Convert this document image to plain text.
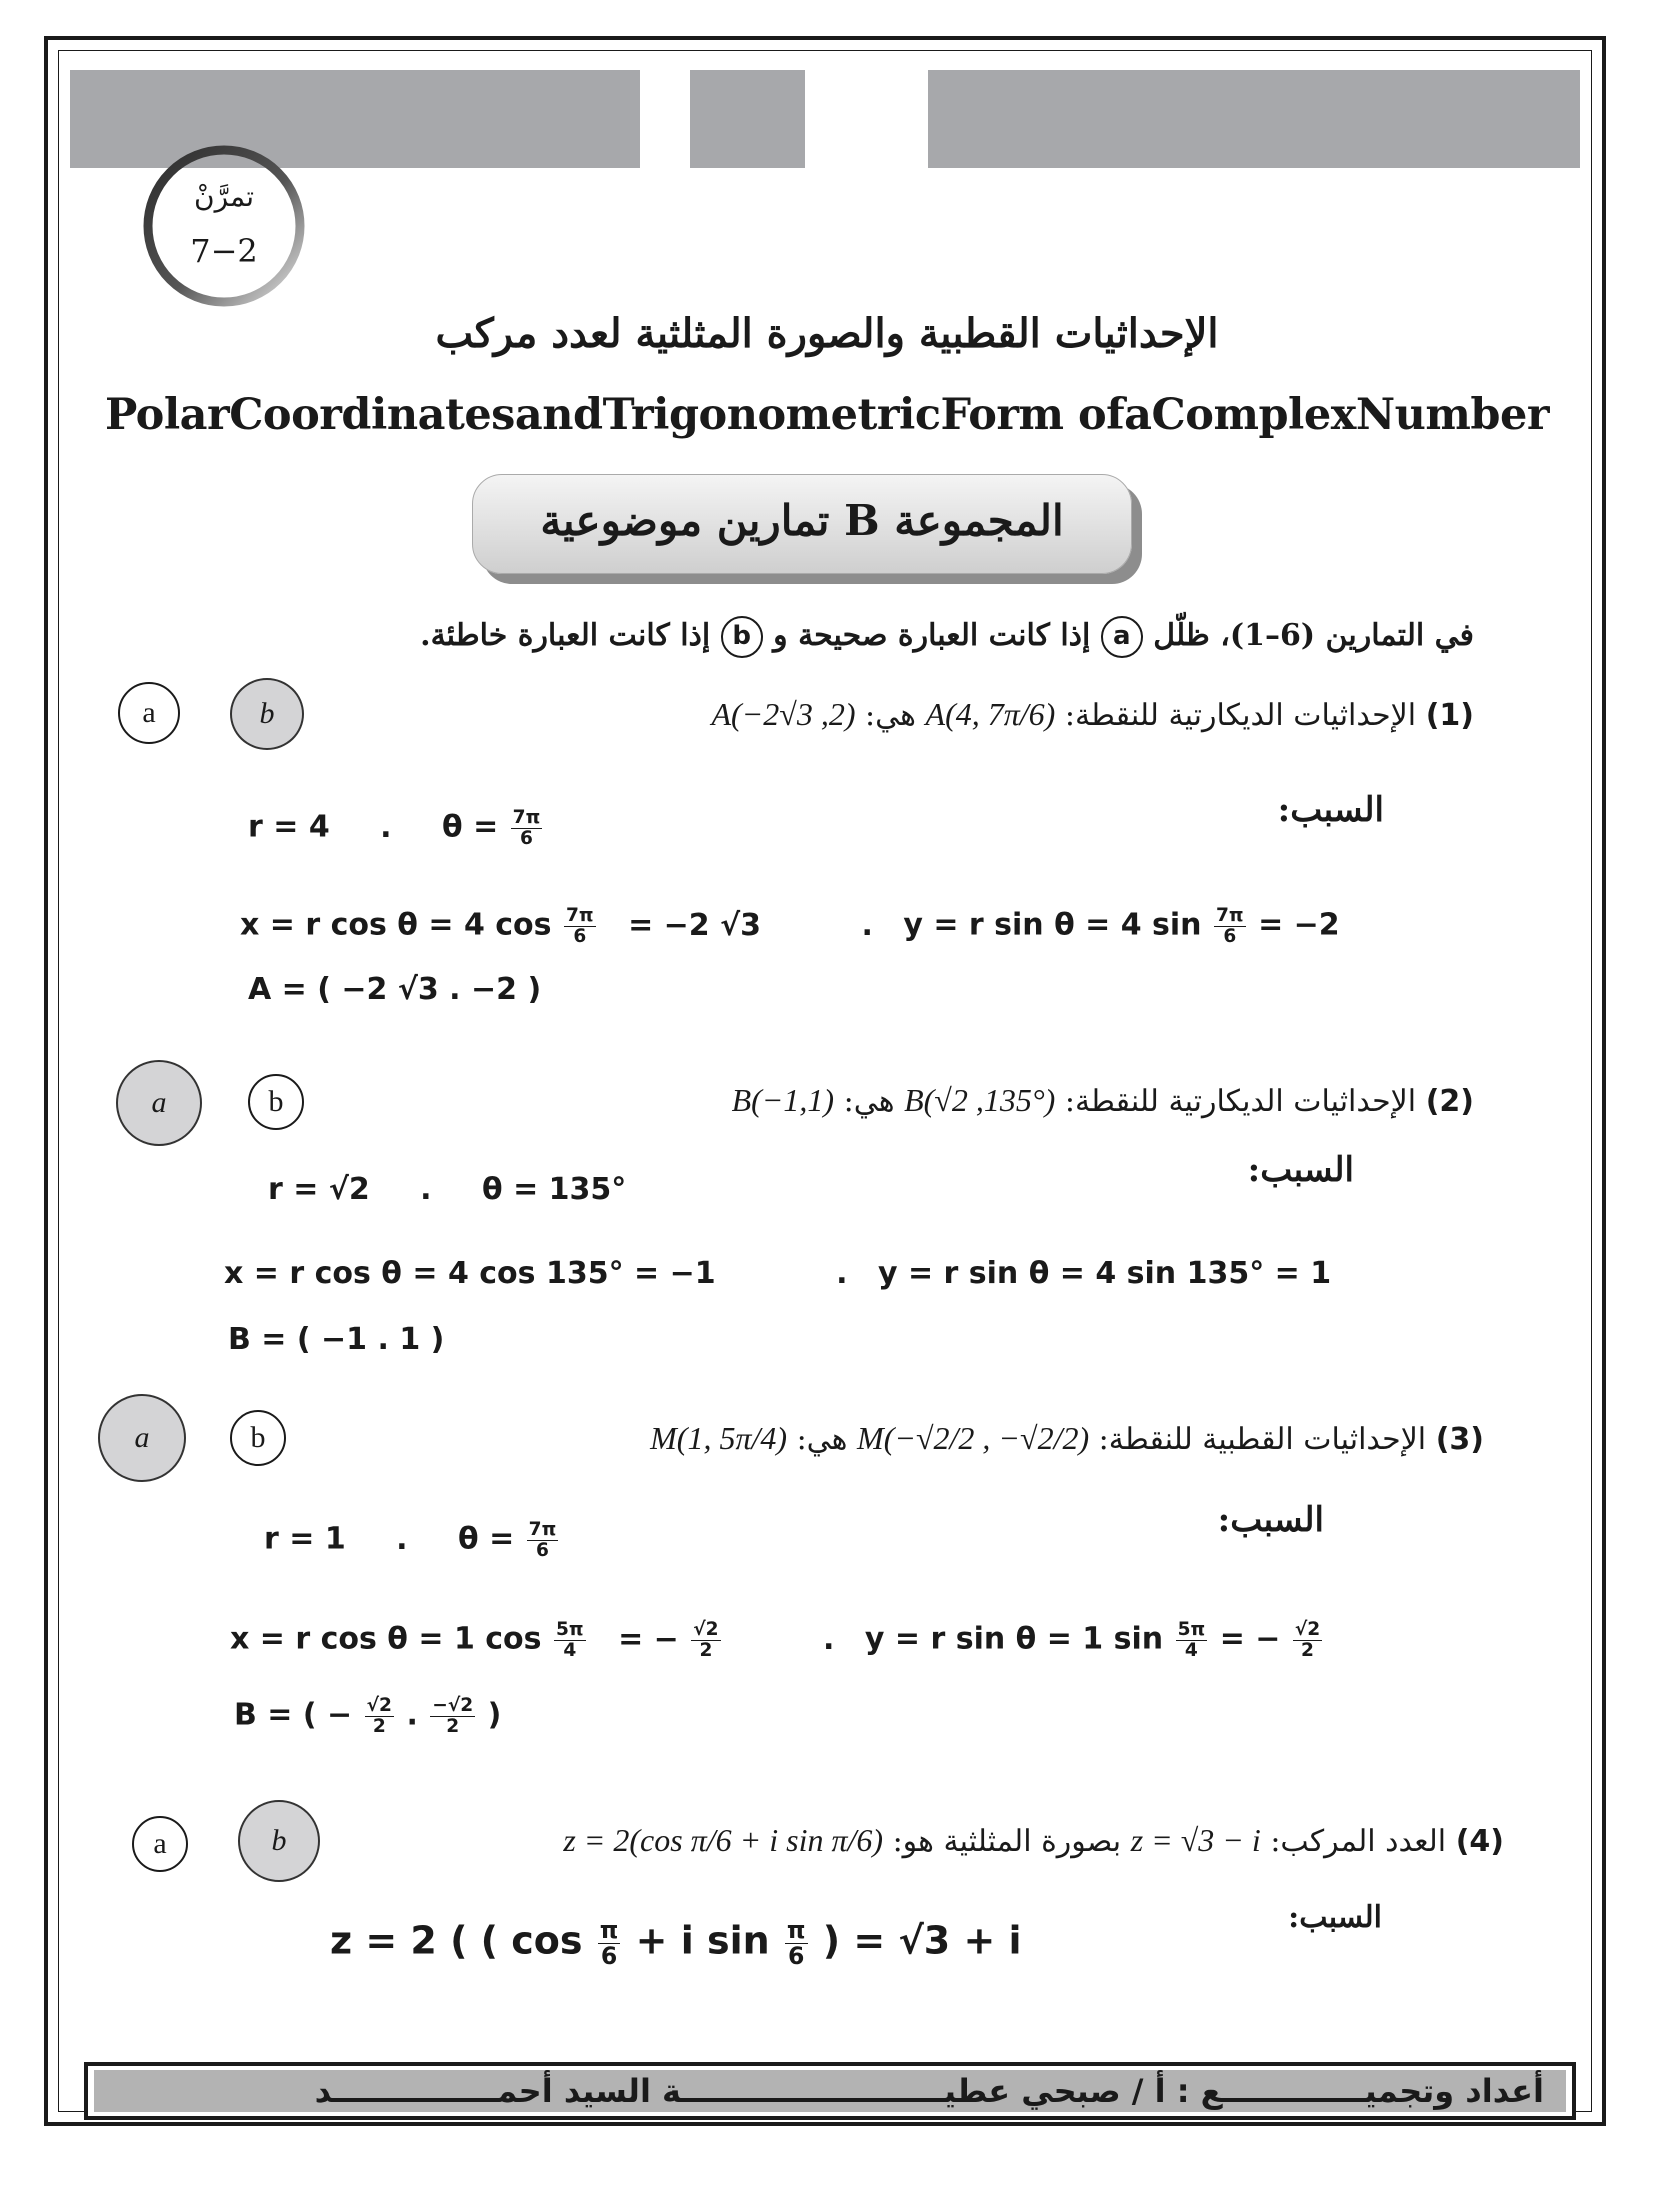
تمرَّنْ
7−2
الإحداثيات القطبية والصورة المثلثية لعدد مركب
PolarCoordinatesandTrigonometricForm ofaComplexNumber
المجموعة B تمارين موضوعية
في التمارين (6–1)، ظلّل a إذا كانت العبارة صحيحة و b إذا كانت العبارة خاطئة.
a	b	(1) الإحداثيات الديكارتية للنقطة: A(4, 7π/6) هي: A(−2√3 ,2)
السبب:
r = 4 . $\theta = \frac{7\pi}{6}$
x = r cos θ = 4 $\cos \frac{7\pi}{6} = -2$ √3	. y = r sin θ = 4 $\sin \frac{7\pi}{6} = -2$
A = ( −2 √3 . −2 )
a	b	(2) الإحداثيات الديكارتية للنقطة: B(√2 ,135°) هي: B(−1,1)
السبب:
r = √2 . θ = 135°
x = r cos θ = 4 cos 135° = −1	. y = r sin θ = 4 sin 135° = 1
B = ( −1 . 1 )
a	b	(3) الإحداثيات القطبية للنقطة: M(−√2/2 , −√2/2) هي: M(1, 5π/4)
السبب:
r = 1 . $\theta = \frac{7\pi}{6}$
x = r cos θ = 1 $\cos \frac{5\pi}{4}$ = − $\frac{√2}{2}$	. y = r sin θ = 1 $\sin \frac{5\pi}{4}$ = − $\frac{√2}{2}$
B = ( − $\frac{√2}{2}$ . $\frac{-√2}{2}$ )
a	b	(4) العدد المركب: z = √3 − i بصورة المثلثية هو: z = 2(cos π/6 + i sin π/6)
السبب:
z = 2 ( ( $\cos \frac{\pi}{6} + i$ $\sin \frac{\pi}{6}$ ) = √3 + i
أعداد وتجميـــــــــــــع : أ / صبحي عطيــــــــــــــــــــــــة السيد أحمـــــــــــــــد
